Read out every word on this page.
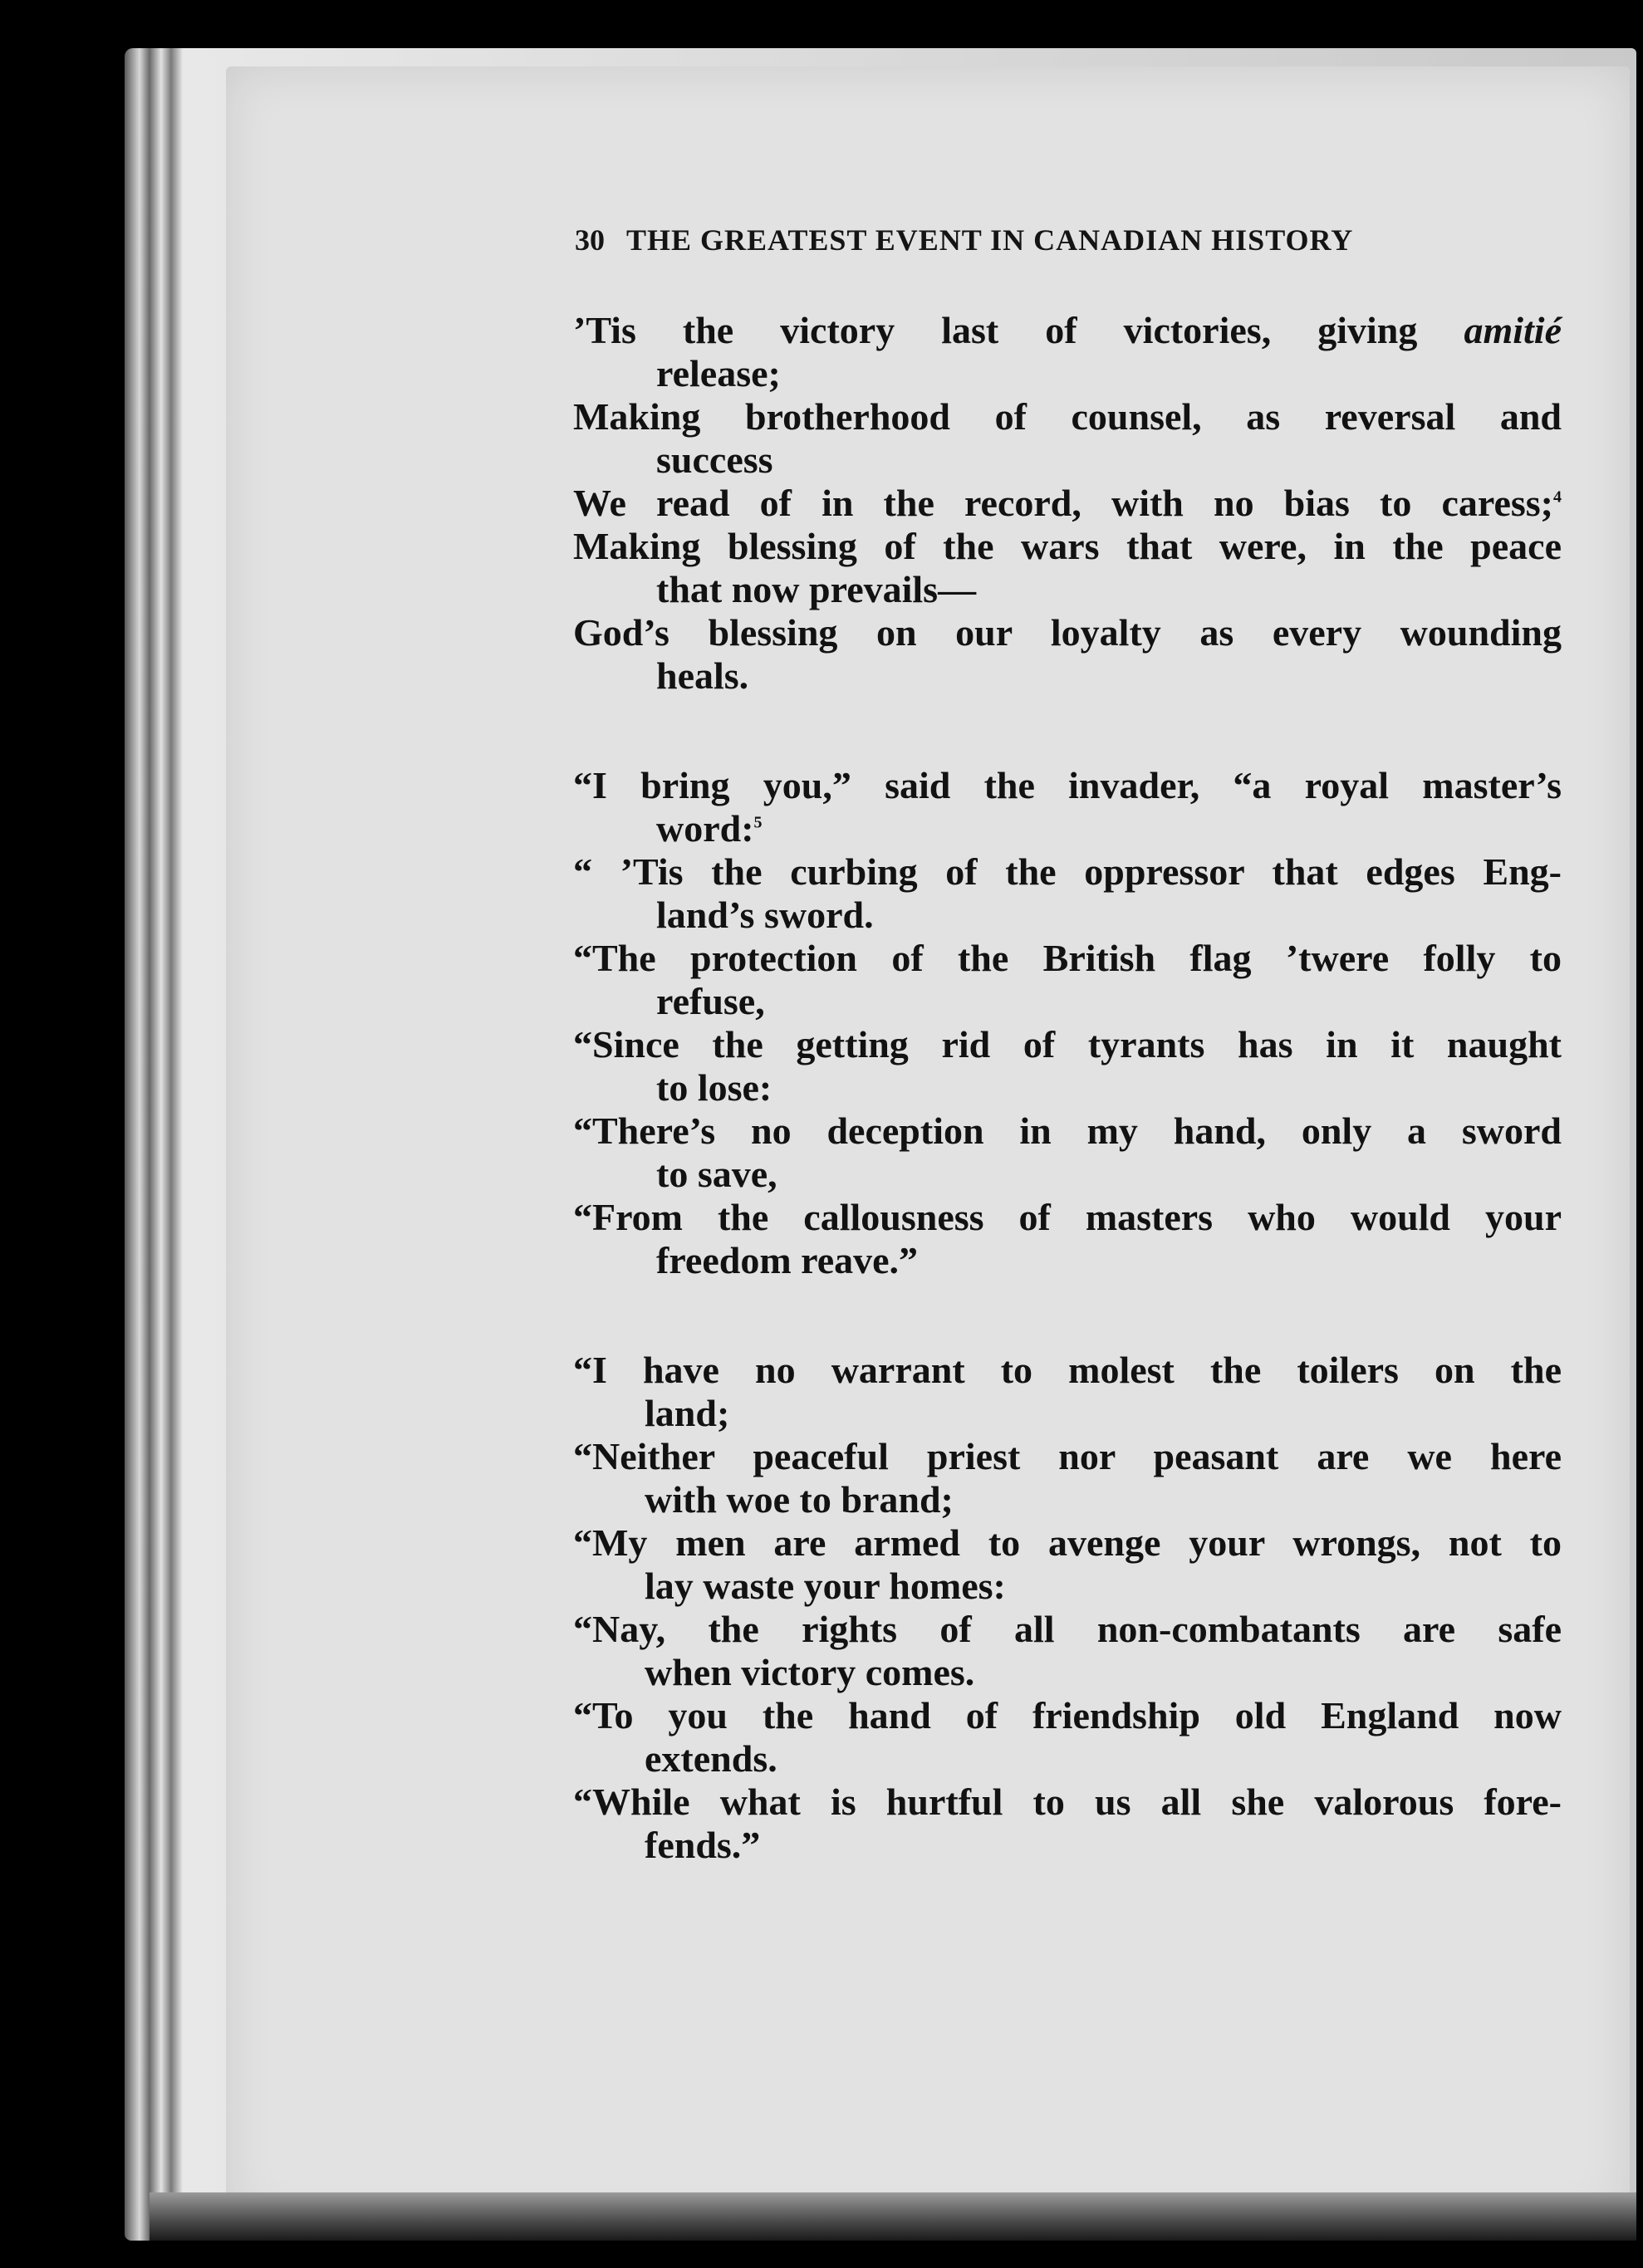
30 THE GREATEST EVENT IN CANADIAN HISTORY
’Tis the victory last of victories, giving amitié
release;
Making brotherhood of counsel, as reversal and
success
We read of in the record, with no bias to caress;$^4$
Making blessing of the wars that were, in the peace
that now prevails—
God’s blessing on our loyalty as every wounding
heals.
“I bring you,” said the invader, “a royal master’s
word:$^5$
“ ’Tis the curbing of the oppressor that edges Eng-
land’s sword.
“The protection of the British flag ’twere folly to
refuse,
“Since the getting rid of tyrants has in it naught
to lose:
“There’s no deception in my hand, only a sword
to save,
“From the callousness of masters who would your
freedom reave.”
“I have no warrant to molest the toilers on the
land;
“Neither peaceful priest nor peasant are we here
with woe to brand;
“My men are armed to avenge your wrongs, not to
lay waste your homes:
“Nay, the rights of all non-combatants are safe
when victory comes.
“To you the hand of friendship old England now
extends.
“While what is hurtful to us all she valorous fore-
fends.”
